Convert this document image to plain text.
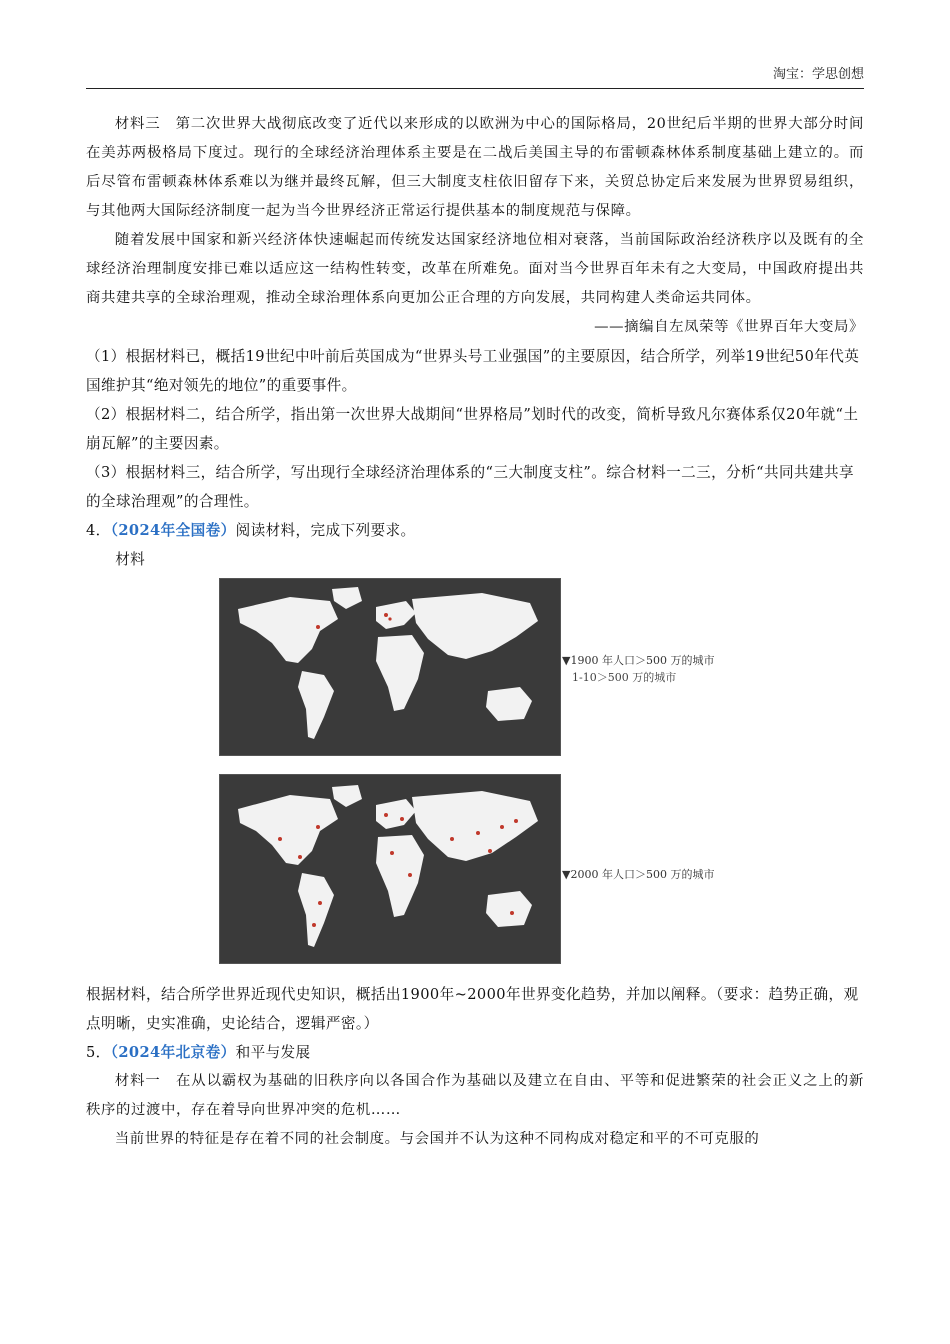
淘宝：学思创想

材料三　第二次世界大战彻底改变了近代以来形成的以欧洲为中心的国际格局，20世纪后半期的世界大部分时间在美苏两极格局下度过。现行的全球经济治理体系主要是在二战后美国主导的布雷顿森林体系制度基础上建立的。而后尽管布雷顿森林体系难以为继并最终瓦解，但三大制度支柱依旧留存下来，关贸总协定后来发展为世界贸易组织，与其他两大国际经济制度一起为当今世界经济正常运行提供基本的制度规范与保障。

随着发展中国家和新兴经济体快速崛起而传统发达国家经济地位相对衰落，当前国际政治经济秩序以及既有的全球经济治理制度安排已难以适应这一结构性转变，改革在所难免。面对当今世界百年未有之大变局，中国政府提出共商共建共享的全球治理观，推动全球治理体系向更加公正合理的方向发展，共同构建人类命运共同体。

——摘编自左凤荣等《世界百年大变局》

（1）根据材料已，概括19世纪中叶前后英国成为“世界头号工业强国”的主要原因，结合所学，列举19世纪50年代英国维护其“绝对领先的地位”的重要事件。

（2）根据材料二，结合所学，指出第一次世界大战期间“世界格局”划时代的改变，简析导致凡尔赛体系仅20年就“土崩瓦解”的主要因素。

（3）根据材料三，结合所学，写出现行全球经济治理体系的“三大制度支柱”。综合材料一二三，分析“共同共建共享的全球治理观”的合理性。

4．（2024年全国卷）阅读材料，完成下列要求。

材料

▼1900 年人口＞500 万的城市
1-10＞500 万的城市
▼2000 年人口＞500 万的城市

根据材料，结合所学世界近现代史知识，概括出1900年~2000年世界变化趋势，并加以阐释。（要求：趋势正确，观点明晰，史实准确，史论结合，逻辑严密。）

5．（2024年北京卷）和平与发展

材料一　在从以霸权为基础的旧秩序向以各国合作为基础以及建立在自由、平等和促进繁荣的社会正义之上的新秩序的过渡中，存在着导向世界冲突的危机……

当前世界的特征是存在着不同的社会制度。与会国并不认为这种不同构成对稳定和平的不可克服的
